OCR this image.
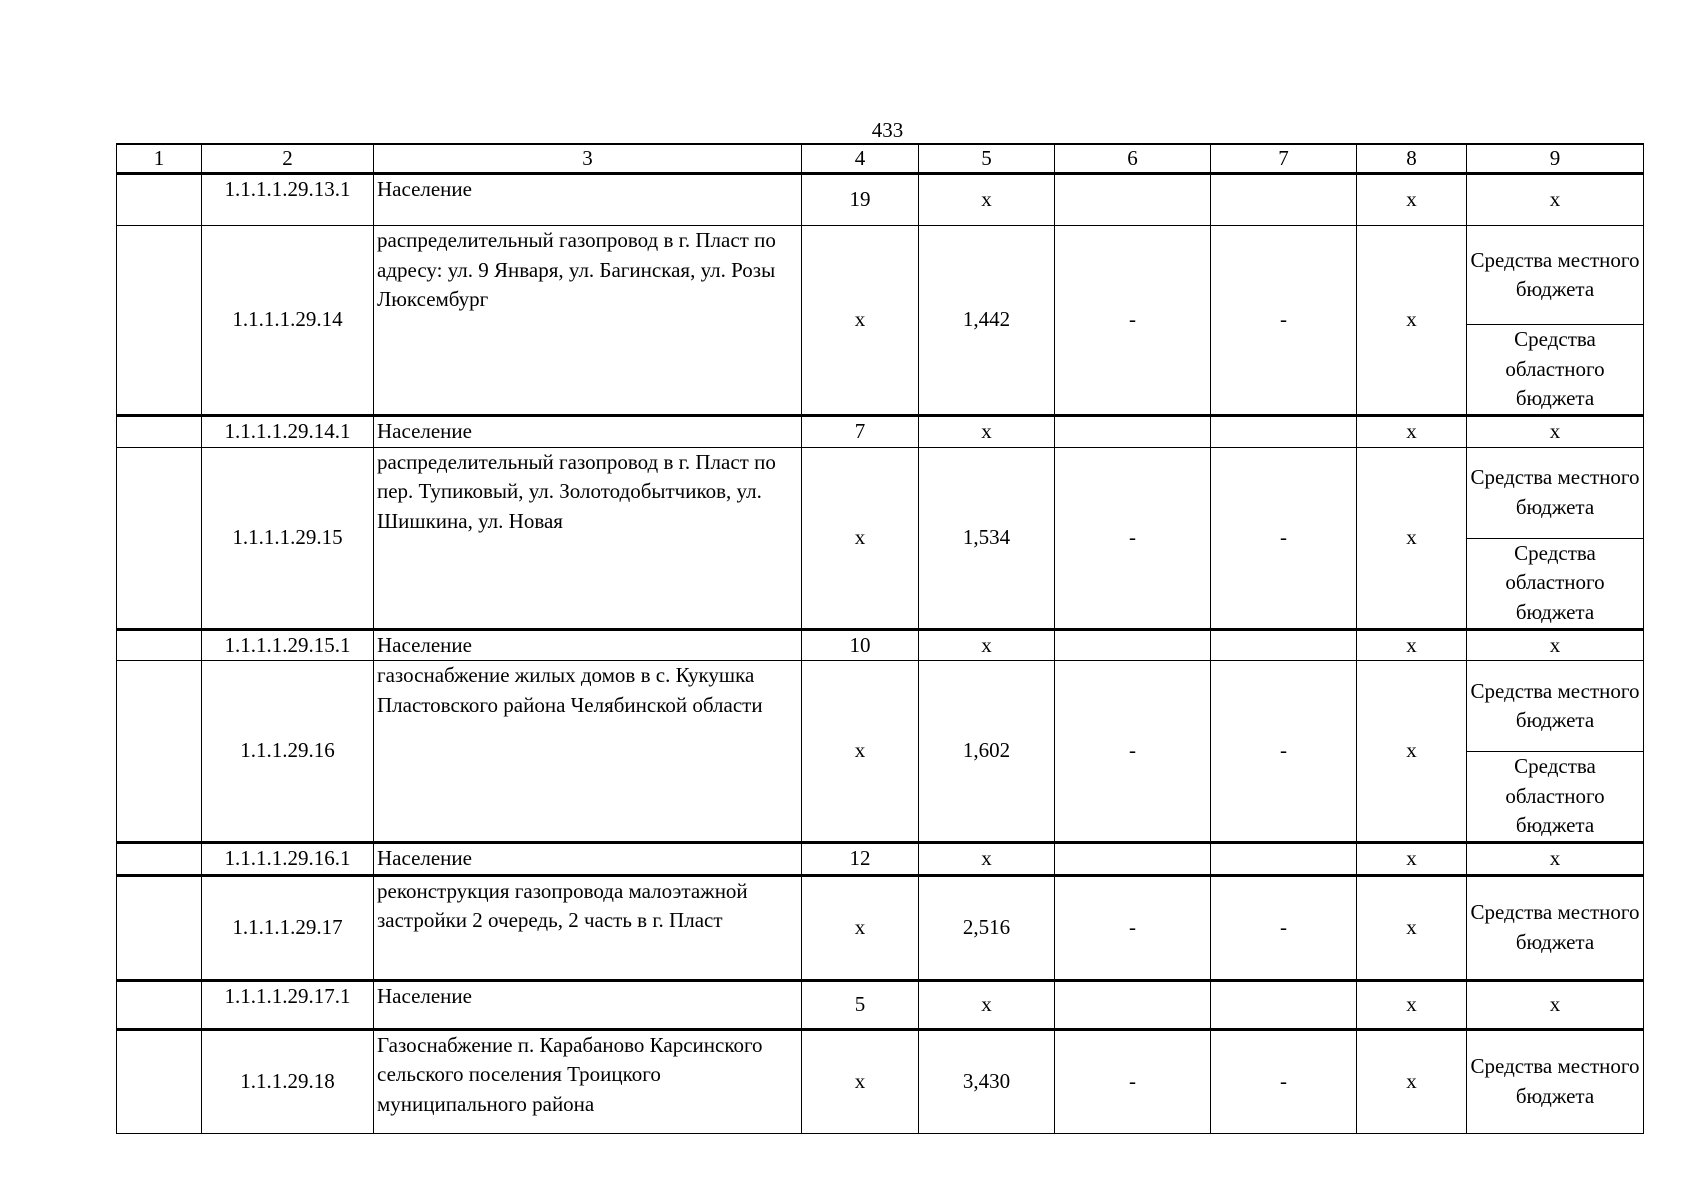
433
1	2	3	4	5	6	7	8	9
	1.1.1.1.29.13.1	Население	19	х			х	х
	1.1.1.1.29.14	распределительный газопровод в г. Пласт по адресу: ул. 9 Января, ул. Багинская, ул. Розы Люксембург	х	1,442	-	-	х	Средства местного бюджета
								Средства областного бюджета
	1.1.1.1.29.14.1	Население	7	х			х	х
	1.1.1.1.29.15	распределительный газопровод в г. Пласт по пер. Тупиковый, ул. Золотодобытчиков, ул. Шишкина, ул. Новая	х	1,534	-	-	х	Средства местного бюджета
								Средства областного бюджета
	1.1.1.1.29.15.1	Население	10	х			х	х
	1.1.1.29.16	газоснабжение жилых домов в с. Кукушка Пластовского района Челябинской области	х	1,602	-	-	х	Средства местного бюджета
								Средства областного бюджета
	1.1.1.1.29.16.1	Население	12	х			х	х
	1.1.1.1.29.17	реконструкция газопровода малоэтажной застройки 2 очередь, 2 часть в г. Пласт	х	2,516	-	-	х	Средства местного бюджета
	1.1.1.1.29.17.1	Население	5	х			х	х
	1.1.1.29.18	Газоснабжение п. Карабаново Карсинского сельского поселения Троицкого муниципального района	х	3,430	-	-	х	Средства местного бюджета
